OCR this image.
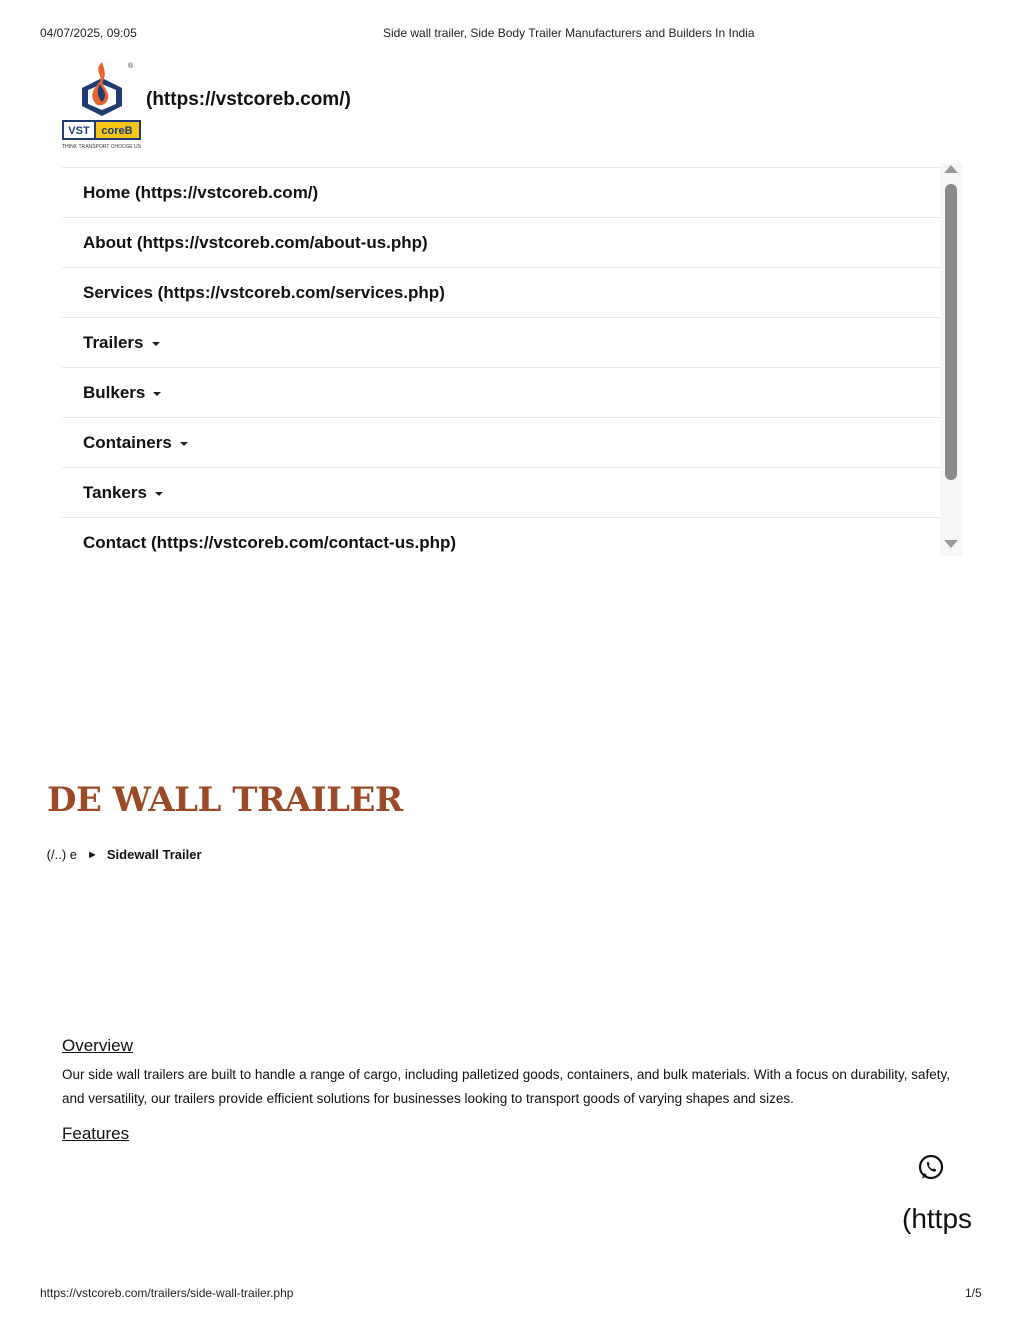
04/07/2025, 09:05	Side wall trailer, Side Body Trailer Manufacturers and Builders In India
VST coreB
THINK TRANSPORT CHOOSE US
®
(https://vstcoreb.com/)
Home (https://vstcoreb.com/)
About (https://vstcoreb.com/about-us.php)
Services (https://vstcoreb.com/services.php)
Trailers
Bulkers
Containers
Tankers
Contact (https://vstcoreb.com/contact-us.php)
DE WALL TRAILER
e (../) ► Sidewall Trailer
Overview

Our side wall trailers are built to handle a range of cargo, including palletized goods, containers, and bulk materials. With a focus on durability, safety, and versatility, our trailers provide efficient solutions for businesses looking to transport goods of varying shapes and sizes.

Features
(https
https://vstcoreb.com/trailers/side-wall-trailer.php	1/5
